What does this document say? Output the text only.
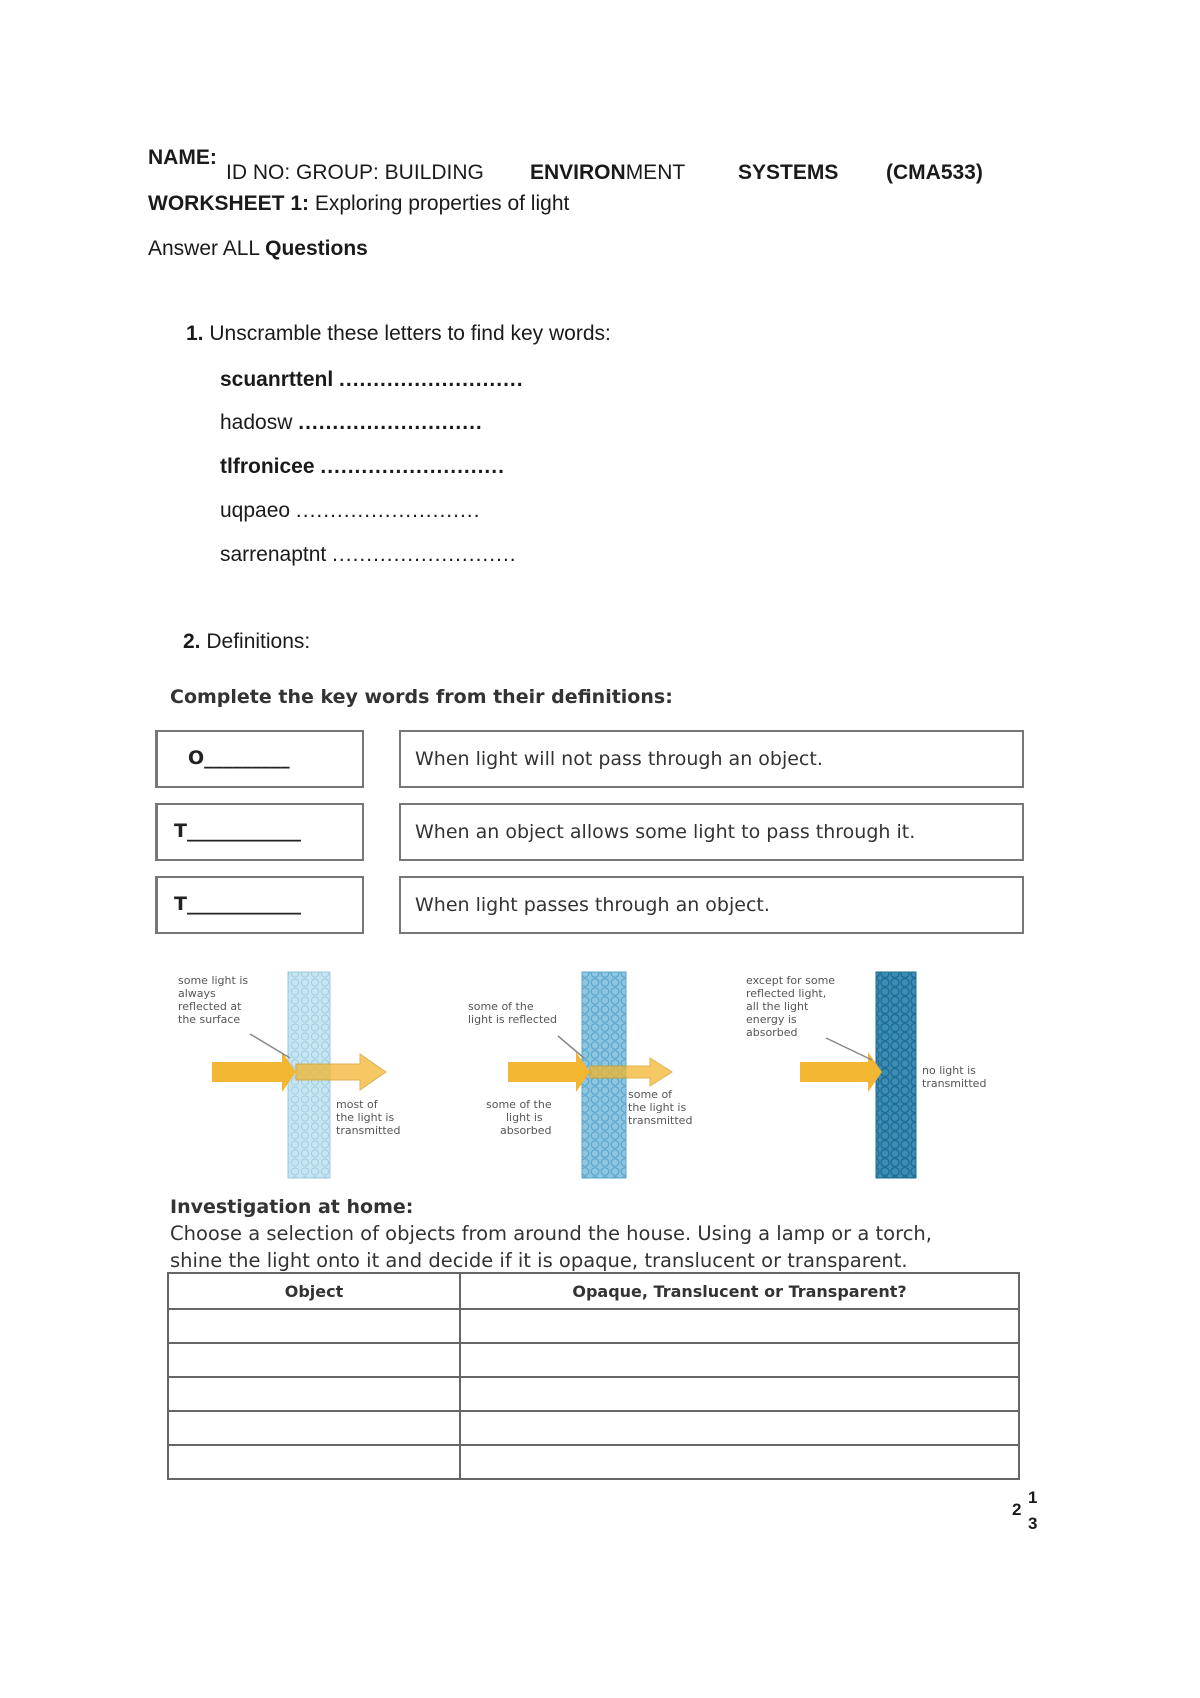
NAME:
ID NO: GROUP: BUILDING ENVIRONMENT	SYSTEMS (CMA533)
WORKSHEET 1: Exploring properties of light
Answer ALL Questions
1. Unscramble these letters to find key words:
scuanrttenl ...........................
hadosw ...........................
tlfronicee ...........................
uqpaeo ...........................
sarrenaptnt ...........................
2. Definitions:
Complete the key words from their definitions:
O_________	When light will not pass through an object.
T____________	When an object allows some light to pass through it.
T____________	When light passes through an object.
some light is always reflected at the surface
most of the light is transmitted
some of the light is reflected
some of the light is absorbed
some of the light is transmitted
except for some reflected light, all the light energy is absorbed
no light is transmitted
Investigation at home:
Choose a selection of objects from around the house. Using a lamp or a torch,
shine the light onto it and decide if it is opaque, translucent or transparent.
Object	Opaque, Translucent or Transparent?

2
1
3
